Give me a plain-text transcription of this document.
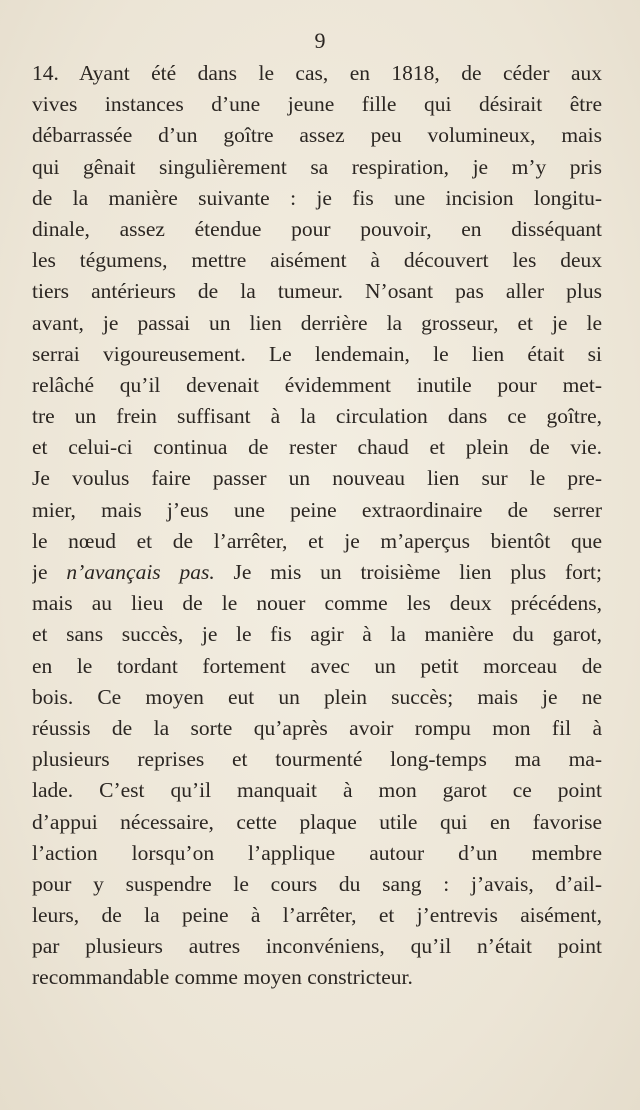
9
14. Ayant été dans le cas, en 1818, de céder aux
vives instances d’une jeune fille qui désirait être
débarrassée d’un goître assez peu volumineux, mais
qui gênait singulièrement sa respiration, je m’y pris
de la manière suivante : je fis une incision longitu-
dinale, assez étendue pour pouvoir, en disséquant
les tégumens, mettre aisément à découvert les deux
tiers antérieurs de la tumeur. N’osant pas aller plus
avant, je passai un lien derrière la grosseur, et je le
serrai vigoureusement. Le lendemain, le lien était si
relâché qu’il devenait évidemment inutile pour met-
tre un frein suffisant à la circulation dans ce goître,
et celui-ci continua de rester chaud et plein de vie.
Je voulus faire passer un nouveau lien sur le pre-
mier, mais j’eus une peine extraordinaire de serrer
le nœud et de l’arrêter, et je m’aperçus bientôt que
je n’avançais pas. Je mis un troisième lien plus fort;
mais au lieu de le nouer comme les deux précédens,
et sans succès, je le fis agir à la manière du garot,
en le tordant fortement avec un petit morceau de
bois. Ce moyen eut un plein succès; mais je ne
réussis de la sorte qu’après avoir rompu mon fil à
plusieurs reprises et tourmenté long-temps ma ma-
lade. C’est qu’il manquait à mon garot ce point
d’appui nécessaire, cette plaque utile qui en favorise
l’action lorsqu’on l’applique autour d’un membre
pour y suspendre le cours du sang : j’avais, d’ail-
leurs, de la peine à l’arrêter, et j’entrevis aisément,
par plusieurs autres inconvéniens, qu’il n’était point
recommandable comme moyen constricteur.
